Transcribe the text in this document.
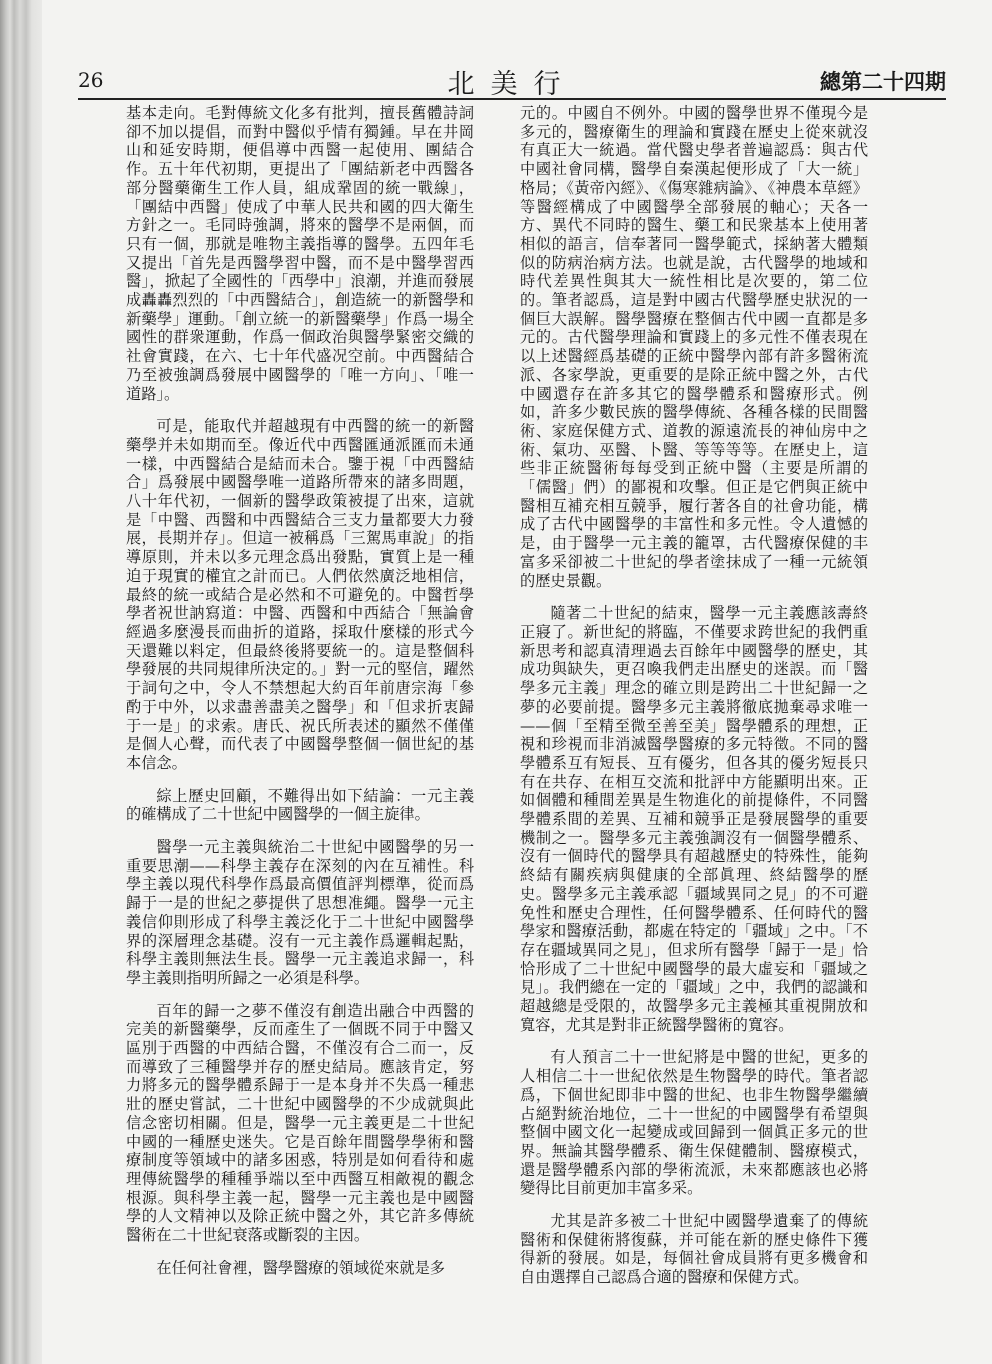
26	北美行	總第二十四期

基本走向。毛對傳統文化多有批判，擅長舊體詩詞卻不加以提倡，而對中醫似乎情有獨鍾。早在井岡山和延安時期，便倡導中西醫一起使用、團結合作。五十年代初期，更提出了「團結新老中西醫各部分醫藥衛生工作人員，組成鞏固的統一戰線」，「團結中西醫」使成了中華人民共和國的四大衛生方針之一。毛同時強調，將來的醫學不是兩個，而只有一個，那就是唯物主義指導的醫學。五四年毛又提出「首先是西醫學習中醫，而不是中醫學習西醫」，掀起了全國性的「西學中」浪潮，并進而發展成轟轟烈烈的「中西醫結合」，創造統一的新醫學和新藥學」運動。「創立統一的新醫藥學」作爲一場全國性的群衆運動，作爲一個政治與醫學緊密交織的社會實踐，在六、七十年代盛况空前。中西醫結合乃至被強調爲發展中國醫學的「唯一方向」、「唯一道路」。

可是，能取代并超越現有中西醫的統一的新醫藥學并未如期而至。像近代中西醫匯通派匯而未通一樣，中西醫結合是結而未合。鑒于視「中西醫結合」爲發展中國醫學唯一道路所帶來的諸多問題，八十年代初，一個新的醫學政策被提了出來，這就是「中醫、西醫和中西醫結合三支力量都要大力發展，長期并存」。但這一被稱爲「三駕馬車說」的指導原則，并未以多元理念爲出發點，實質上是一種迫于現實的權宜之計而已。人們依然廣泛地相信，最終的統一或結合是必然和不可避免的。中醫哲學學者祝世訥寫道：中醫、西醫和中西結合「無論會經過多麼漫長而曲折的道路，採取什麼樣的形式今天還難以料定，但最終後將要統一的。這是整個科學發展的共同規律所決定的。」對一元的堅信，躍然于詞句之中，令人不禁想起大約百年前唐宗海「參酌于中外，以求盡善盡美之醫學」和「但求折衷歸于一是」的求索。唐氏、祝氏所表述的顯然不僅僅是個人心聲，而代表了中國醫學整個一個世紀的基本信念。

綜上歷史回顧，不難得出如下結論：一元主義的確構成了二十世紀中國醫學的一個主旋律。

醫學一元主義與統治二十世紀中國醫學的另一重要思潮——科學主義存在深刻的內在互補性。科學主義以現代科學作爲最高價值評判標準，從而爲歸于一是的世紀之夢提供了思想准繩。醫學一元主義信仰則形成了科學主義泛化于二十世紀中國醫學界的深層理念基礎。沒有一元主義作爲邏輯起點，科學主義則無法生長。醫學一元主義追求歸一，科學主義則指明所歸之一必須是科學。

百年的歸一之夢不僅沒有創造出融合中西醫的完美的新醫藥學，反而產生了一個既不同于中醫又區別于西醫的中西結合醫，不僅沒有合二而一，反而導致了三種醫學并存的歷史結局。應該肯定，努力將多元的醫學體系歸于一是本身并不失爲一種悲壯的歷史嘗試，二十世紀中國醫學的不少成就與此信念密切相關。但是，醫學一元主義更是二十世紀中國的一種歷史迷失。它是百餘年間醫學學術和醫療制度等領域中的諸多困惑，特別是如何看待和處理傳統醫學的種種爭端以至中西醫互相敵視的觀念根源。與科學主義一起，醫學一元主義也是中國醫學的人文精神以及除正統中醫之外，其它許多傳統醫術在二十世紀衰落或斷裂的主因。

在任何社會裡，醫學醫療的領域從來就是多

元的。中國自不例外。中國的醫學世界不僅現今是多元的，醫療衛生的理論和實踐在歷史上從來就沒有真正大一統過。當代醫史學者普遍認爲：與古代中國社會同構，醫學自秦漢起便形成了「大一統」格局；《黃帝內經》、《傷寒雜病論》、《神農本草經》等醫經構成了中國醫學全部發展的軸心；天各一方、異代不同時的醫生、藥工和民衆基本上使用著相似的語言，信奉著同一醫學範式，採納著大體類似的防病治病方法。也就是說，古代醫學的地域和時代差異性與其大一統性相比是次要的，第二位的。筆者認爲，這是對中國古代醫學歷史狀況的一個巨大誤解。醫學醫療在整個古代中國一直都是多元的。古代醫學理論和實踐上的多元性不僅表現在以上述醫經爲基礎的正統中醫學內部有許多醫術流派、各家學說，更重要的是除正統中醫之外，古代中國還存在許多其它的醫學體系和醫療形式。例如，許多少數民族的醫學傳統、各種各樣的民間醫術、家庭保健方式、道教的源遠流長的神仙房中之術、氣功、巫醫、卜醫、等等等等。在歷史上，這些非正統醫術每每受到正統中醫（主要是所謂的「儒醫」們）的鄙視和攻擊。但正是它們與正統中醫相互補充相互競爭，履行著各自的社會功能，構成了古代中國醫學的丰富性和多元性。令人遺憾的是，由于醫學一元主義的籠罩，古代醫療保健的丰富多采卻被二十世紀的學者塗抹成了一種一元統領的歷史景觀。

隨著二十世紀的結束，醫學一元主義應該壽終正寢了。新世紀的將臨，不僅要求跨世紀的我們重新思考和認真清理過去百餘年中國醫學的歷史，其成功與缺失，更召喚我們走出歷史的迷誤。而「醫學多元主義」理念的確立則是跨出二十世紀歸一之夢的必要前提。醫學多元主義將徹底拋棄尋求唯一——個「至精至微至善至美」醫學體系的理想，正視和珍視而非消滅醫學醫療的多元特徵。不同的醫學體系互有短長、互有優劣，但各其的優劣短長只有在共存、在相互交流和批評中方能顯明出來。正如個體和種間差異是生物進化的前提條件，不同醫學體系間的差異、互補和競爭正是發展醫學的重要機制之一。醫學多元主義強調沒有一個醫學體系、沒有一個時代的醫學具有超越歷史的特殊性，能夠終結有關疾病與健康的全部眞理、終結醫學的歷史。醫學多元主義承認「疆域異同之見」的不可避免性和歷史合理性，任何醫學體系、任何時代的醫學家和醫療活動，都處在特定的「疆域」之中。「不存在疆域異同之見」，但求所有醫學「歸于一是」恰恰形成了二十世紀中國醫學的最大虛妄和「疆域之見」。我們總在一定的「疆域」之中，我們的認識和超越總是受限的，故醫學多元主義極其重視開放和寬容，尤其是對非正統醫學醫術的寬容。

有人預言二十一世紀將是中醫的世紀，更多的人相信二十一世紀依然是生物醫學的時代。筆者認爲，下個世紀即非中醫的世紀、也非生物醫學繼續占絕對統治地位，二十一世紀的中國醫學有希望與整個中國文化一起變成或回歸到一個眞正多元的世界。無論其醫學體系、衛生保健體制、醫療模式，還是醫學體系內部的學術流派，未來都應該也必將變得比目前更加丰富多采。

尤其是許多被二十世紀中國醫學遺棄了的傳統醫術和保健術將復蘇，并可能在新的歷史條件下獲得新的發展。如是，每個社會成員將有更多機會和自由選擇自己認爲合適的醫療和保健方式。
